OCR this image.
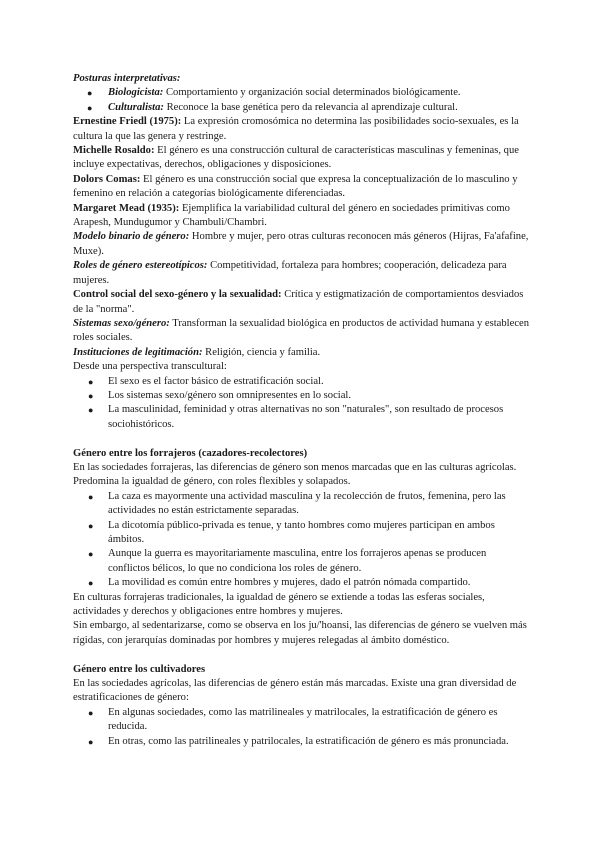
Posturas interpretativas:

● Biologicista: Comportamiento y organización social determinados biológicamente.
● Culturalista: Reconoce la base genética pero da relevancia al aprendizaje cultural.

Ernestine Friedl (1975): La expresión cromosómica no determina las posibilidades socio-sexuales, es la cultura la que las genera y restringe.

Michelle Rosaldo: El género es una construcción cultural de características masculinas y femeninas, que incluye expectativas, derechos, obligaciones y disposiciones.

Dolors Comas: El género es una construcción social que expresa la conceptualización de lo masculino y femenino en relación a categorías biológicamente diferenciadas.

Margaret Mead (1935): Ejemplifica la variabilidad cultural del género en sociedades primitivas como Arapesh, Mundugumor y Chambuli/Chambri.

Modelo binario de género: Hombre y mujer, pero otras culturas reconocen más géneros (Hijras, Fa'afafine, Muxe).

Roles de género estereotípicos: Competitividad, fortaleza para hombres; cooperación, delicadeza para mujeres.

Control social del sexo-género y la sexualidad: Crítica y estigmatización de comportamientos desviados de la "norma".

Sistemas sexo/género: Transforman la sexualidad biológica en productos de actividad humana y establecen roles sociales.

Instituciones de legitimación: Religión, ciencia y familia.

Desde una perspectiva transcultural:

● El sexo es el factor básico de estratificación social.
● Los sistemas sexo/género son omnipresentes en lo social.
● La masculinidad, feminidad y otras alternativas no son "naturales", son resultado de procesos sociohistóricos.

Género entre los forrajeros (cazadores-recolectores)

En las sociedades forrajeras, las diferencias de género son menos marcadas que en las culturas agrícolas. Predomina la igualdad de género, con roles flexibles y solapados.

● La caza es mayormente una actividad masculina y la recolección de frutos, femenina, pero las actividades no están estrictamente separadas.
● La dicotomía público-privada es tenue, y tanto hombres como mujeres participan en ambos ámbitos.
● Aunque la guerra es mayoritariamente masculina, entre los forrajeros apenas se producen conflictos bélicos, lo que no condiciona los roles de género.
● La movilidad es común entre hombres y mujeres, dado el patrón nómada compartido.

En culturas forrajeras tradicionales, la igualdad de género se extiende a todas las esferas sociales, actividades y derechos y obligaciones entre hombres y mujeres.

Sin embargo, al sedentarizarse, como se observa en los ju/'hoansi, las diferencias de género se vuelven más rígidas, con jerarquías dominadas por hombres y mujeres relegadas al ámbito doméstico.

Género entre los cultivadores

En las sociedades agrícolas, las diferencias de género están más marcadas. Existe una gran diversidad de estratificaciones de género:

● En algunas sociedades, como las matrilineales y matrilocales, la estratificación de género es reducida.
● En otras, como las patrilineales y patrilocales, la estratificación de género es más pronunciada.
